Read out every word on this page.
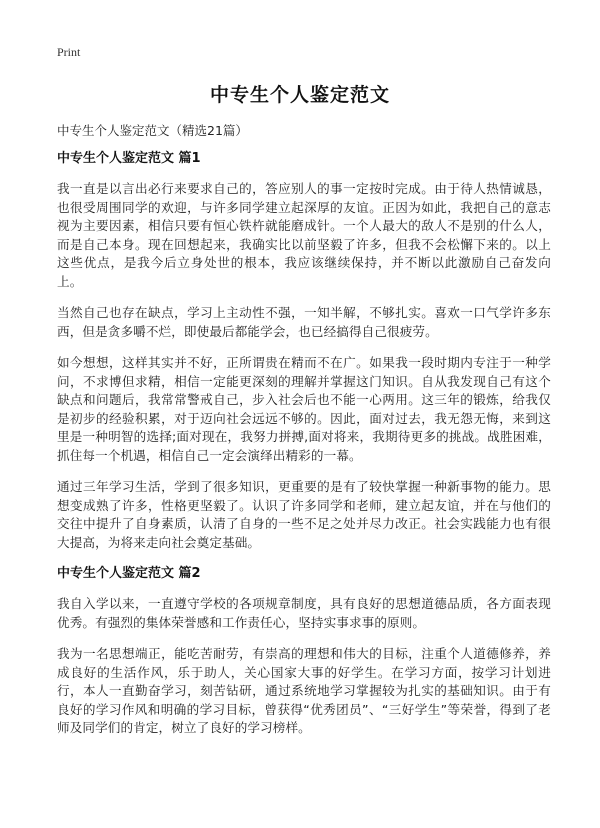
Print
中专生个人鉴定范文
中专生个人鉴定范文（精选21篇）
中专生个人鉴定范文 篇1

我一直是以言出必行来要求自己的，答应别人的事一定按时完成。由于待人热情诚恳，也很受周围同学的欢迎，与许多同学建立起深厚的友谊。正因为如此，我把自己的意志视为主要因素，相信只要有恒心铁杵就能磨成针。一个人最大的敌人不是别的什么人，而是自己本身。现在回想起来，我确实比以前坚毅了许多，但我不会松懈下来的。以上这些优点，是我今后立身处世的根本，我应该继续保持，并不断以此激励自己奋发向上。

当然自己也存在缺点，学习上主动性不强，一知半解，不够扎实。喜欢一口气学许多东西，但是贪多嚼不烂，即使最后都能学会，也已经搞得自己很疲劳。

如今想想，这样其实并不好，正所谓贵在精而不在广。如果我一段时期内专注于一种学问，不求博但求精，相信一定能更深刻的理解并掌握这门知识。自从我发现自己有这个缺点和问题后，我常常警戒自己，步入社会后也不能一心两用。这三年的锻炼，给我仅是初步的经验积累，对于迈向社会远远不够的。因此，面对过去，我无怨无悔，来到这里是一种明智的选择;面对现在，我努力拼搏,面对将来，我期待更多的挑战。战胜困难，抓住每一个机遇，相信自己一定会演绎出精彩的一幕。

通过三年学习生活，学到了很多知识，更重要的是有了较快掌握一种新事物的能力。思想变成熟了许多，性格更坚毅了。认识了许多同学和老师，建立起友谊，并在与他们的交往中提升了自身素质，认清了自身的一些不足之处并尽力改正。社会实践能力也有很大提高，为将来走向社会奠定基础。

中专生个人鉴定范文 篇2

我自入学以来，一直遵守学校的各项规章制度，具有良好的思想道德品质，各方面表现优秀。有强烈的集体荣誉感和工作责任心，坚持实事求事的原则。

我为一名思想端正，能吃苦耐劳，有崇高的理想和伟大的目标，注重个人道德修养，养成良好的生活作风，乐于助人，关心国家大事的好学生。在学习方面，按学习计划进行，本人一直勤奋学习，刻苦钻研，通过系统地学习掌握较为扎实的基础知识。由于有良好的学习作风和明确的学习目标，曾获得“优秀团员”、“三好学生”等荣誉，得到了老师及同学们的肯定，树立了良好的学习榜样。
